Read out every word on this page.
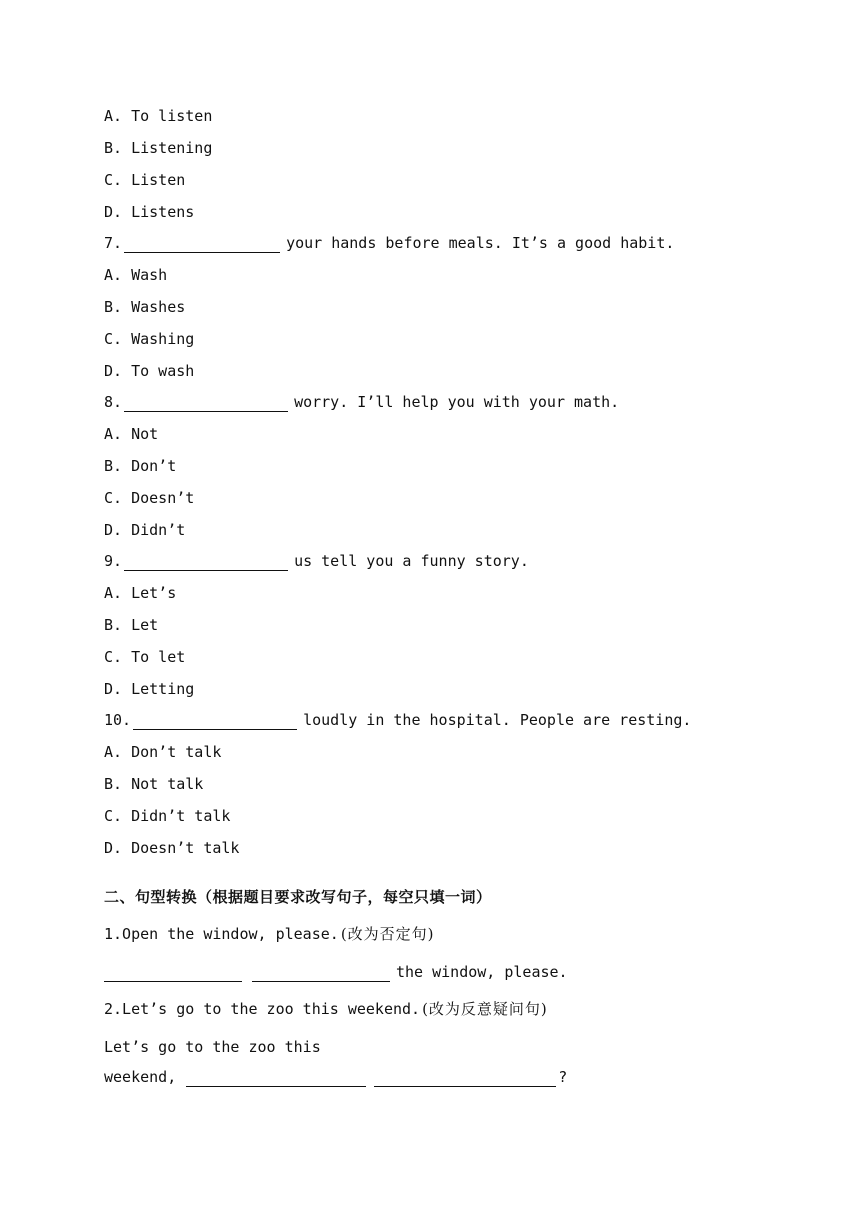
A. To listen
B. Listening
C. Listen
D. Listens
7.	your hands before meals. It’s a good habit.
A. Wash
B. Washes
C. Washing
D. To wash
8.	worry. I’ll help you with your math.
A. Not
B. Don’t
C. Doesn’t
D. Didn’t
9.	us tell you a funny story.
A. Let’s
B. Let
C. To let
D. Letting
10.	loudly in the hospital. People are resting.
A. Don’t talk
B. Not talk
C. Didn’t talk
D. Doesn’t talk
二、句型转换（根据题目要求改写句子，每空只填一词）
1.Open the window, please. (改为否定句)
the window, please.
2.Let’s go to the zoo this weekend. (改为反意疑问句)
Let’s go to the zoo this
weekend,	?
